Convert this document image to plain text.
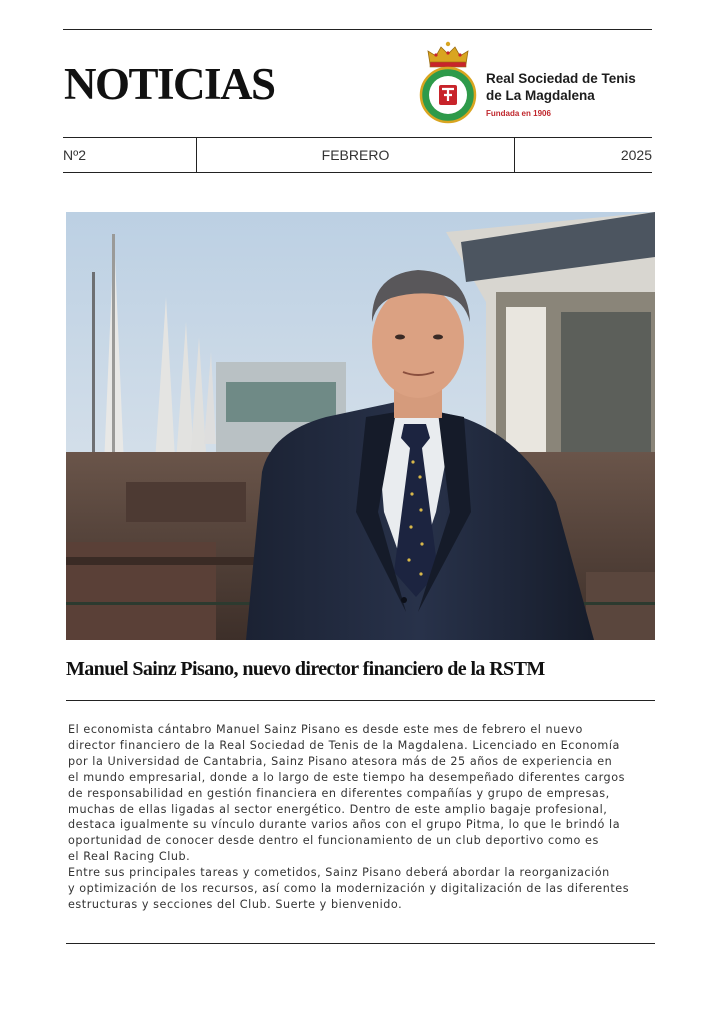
NOTICIAS	Real Sociedad de Tenis
de La Magdalena
Fundada en 1906
Nº2	FEBRERO	2025
Manuel Sainz Pisano, nuevo director financiero de la RSTM
El economista cántabro Manuel Sainz Pisano es desde este mes de febrero el nuevo
director financiero de la Real Sociedad de Tenis de la Magdalena. Licenciado en Economía
por la Universidad de Cantabria, Sainz Pisano atesora más de 25 años de experiencia en
el mundo empresarial, donde a lo largo de este tiempo ha desempeñado diferentes cargos
de responsabilidad en gestión financiera en diferentes compañías y grupo de empresas,
muchas de ellas ligadas al sector energético. Dentro de este amplio bagaje profesional,
destaca igualmente su vínculo durante varios años con el grupo Pitma, lo que le brindó la
oportunidad de conocer desde dentro el funcionamiento de un club deportivo como es
el Real Racing Club.
Entre sus principales tareas y cometidos, Sainz Pisano deberá abordar la reorganización
y optimización de los recursos, así como la modernización y digitalización de las diferentes
estructuras y secciones del Club. Suerte y bienvenido.
